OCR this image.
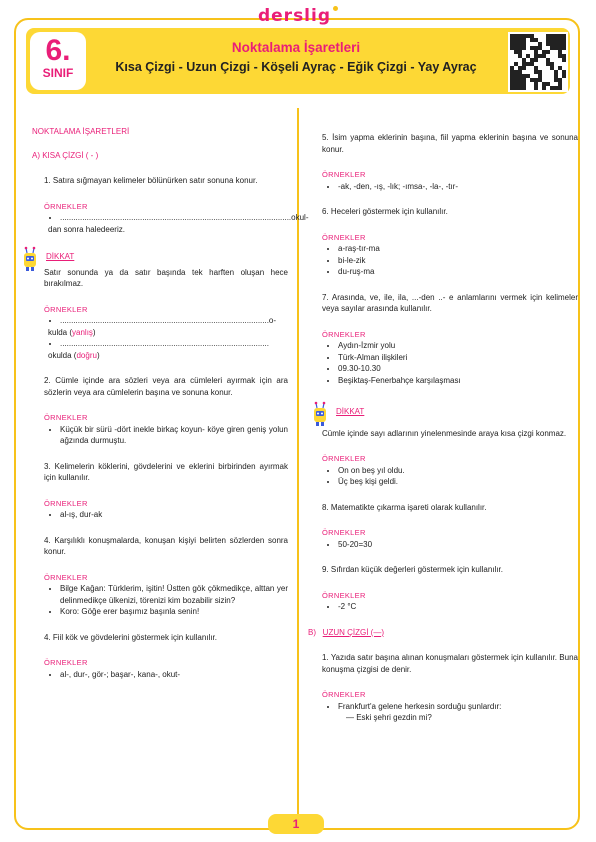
derslig
6.
SINIF
Noktalama İşaretleri
Kısa Çizgi - Uzun Çizgi - Köşeli Ayraç - Eğik Çizgi - Yay Ayraç

NOKTALAMA İŞARETLERİ

A) KISA ÇİZGİ ( - )

1. Satıra sığmayan kelimeler bölünürken satır sonuna konur.

ÖRNEKLER

• ........................................................................................................okul-

dan sonra haledeeriz.

DİKKAT

Satır sonunda ya da satır başında tek harften oluşan hece bırakılmaz.

ÖRNEKLER

• ..............................................................................................o-

kulda (yanlış)

• ..............................................................................................

okulda (doğru)

2. Cümle içinde ara sözleri veya ara cümleleri ayırmak için ara sözlerin veya ara cümlelerin başına ve sonuna konur.

ÖRNEKLER

• Küçük bir sürü -dört inekle birkaç koyun- köye giren geniş yolun ağzında durmuştu.

3. Kelimelerin köklerini, gövdelerini ve eklerini birbirinden ayırmak için kullanılır.

ÖRNEKLER

• al-ış, dur-ak

4. Karşılıklı konuşmalarda, konuşan kişiyi belirten sözlerden sonra konur.

ÖRNEKLER

• Bilge Kağan: Türklerim, işitin! Üstten gök çökmedikçe, alttan yer delinmedikçe ülkenizi, törenizi kim bozabilir sizin?
• Koro: Göğe erer başımız başınla senin!

4. Fiil kök ve gövdelerini göstermek için kullanılır.

ÖRNEKLER

• al-, dur-, gör-; başar-, kana-, okut-

5. İsim yapma eklerinin başına, fiil yapma eklerinin başına ve sonuna konur.

ÖRNEKLER

• -ak, -den, -ış, -lık; -ımsa-, -la-, -tır-

6. Heceleri göstermek için kullanılır.

ÖRNEKLER

• a-raş-tır-ma
• bi-le-zik
• du-ruş-ma

7. Arasında, ve, ile, ila, ...-den ..- e anlamlarını vermek için kelimeler veya sayılar arasında kullanılır.

ÖRNEKLER

• Aydın-İzmir yolu
• Türk-Alman ilişkileri
• 09.30-10.30
• Beşiktaş-Fenerbahçe karşılaşması
DİKKAT

Cümle içinde sayı adlarının yinelenmesinde araya kısa çizgi konmaz.

ÖRNEKLER

• On on beş yıl oldu.
• Üç beş kişi geldi.

8. Matematikte çıkarma işareti olarak kullanılır.

ÖRNEKLER

• 50-20=30

9. Sıfırdan küçük değerleri göstermek için kullanılır.

ÖRNEKLER

• -2 °C

B) UZUN ÇİZGİ (—)

1. Yazıda satır başına alınan konuşmaları göstermek için kullanılır. Buna konuşma çizgisi de denir.

ÖRNEKLER

• Frankfurt'a gelene herkesin sorduğu şunlardır:

— Eski şehri gezdin mi?

1
